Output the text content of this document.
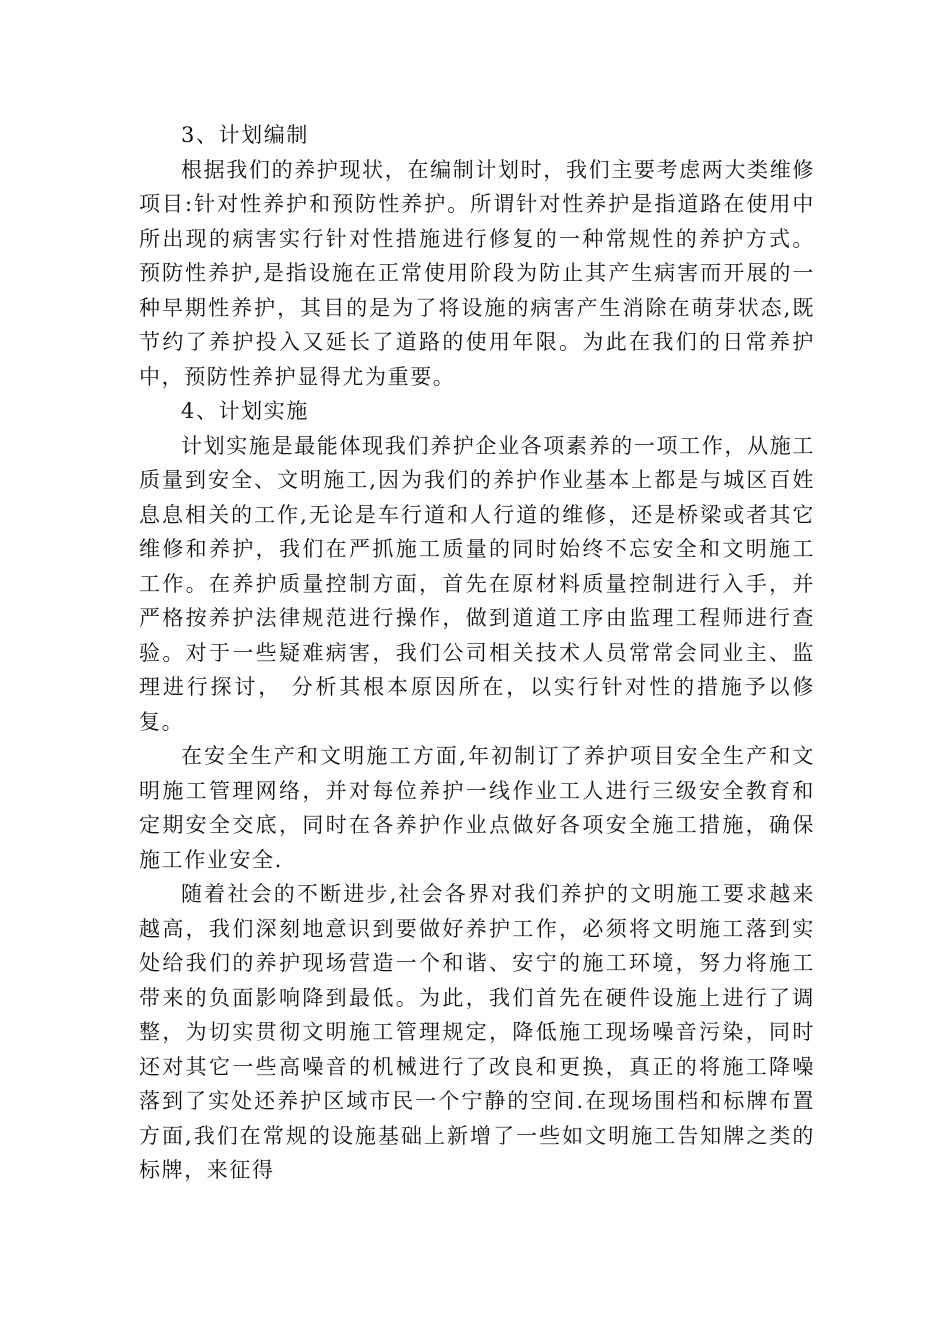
3、计划编制

根据我们的养护现状，在编制计划时，我们主要考虑两大类维修项目:针对性养护和预防性养护。所谓针对性养护是指道路在使用中所出现的病害实行针对性措施进行修复的一种常规性的养护方式。预防性养护,是指设施在正常使用阶段为防止其产生病害而开展的一种早期性养护，其目的是为了将设施的病害产生消除在萌芽状态,既节约了养护投入又延长了道路的使用年限。为此在我们的日常养护中，预防性养护显得尤为重要。

4、计划实施

计划实施是最能体现我们养护企业各项素养的一项工作，从施工质量到安全、文明施工,因为我们的养护作业基本上都是与城区百姓息息相关的工作,无论是车行道和人行道的维修，还是桥梁或者其它维修和养护，我们在严抓施工质量的同时始终不忘安全和文明施工工作。在养护质量控制方面，首先在原材料质量控制进行入手，并严格按养护法律规范进行操作，做到道道工序由监理工程师进行查验。对于一些疑难病害，我们公司相关技术人员常常会同业主、监理进行探讨， 分析其根本原因所在，以实行针对性的措施予以修复。

在安全生产和文明施工方面,年初制订了养护项目安全生产和文明施工管理网络，并对每位养护一线作业工人进行三级安全教育和定期安全交底，同时在各养护作业点做好各项安全施工措施，确保施工作业安全.

随着社会的不断进步,社会各界对我们养护的文明施工要求越来越高，我们深刻地意识到要做好养护工作，必须将文明施工落到实处给我们的养护现场营造一个和谐、安宁的施工环境，努力将施工带来的负面影响降到最低。为此，我们首先在硬件设施上进行了调整，为切实贯彻文明施工管理规定，降低施工现场噪音污染，同时还对其它一些高噪音的机械进行了改良和更换，真正的将施工降噪落到了实处还养护区域市民一个宁静的空间.在现场围档和标牌布置方面,我们在常规的设施基础上新增了一些如文明施工告知牌之类的标牌，来征得
